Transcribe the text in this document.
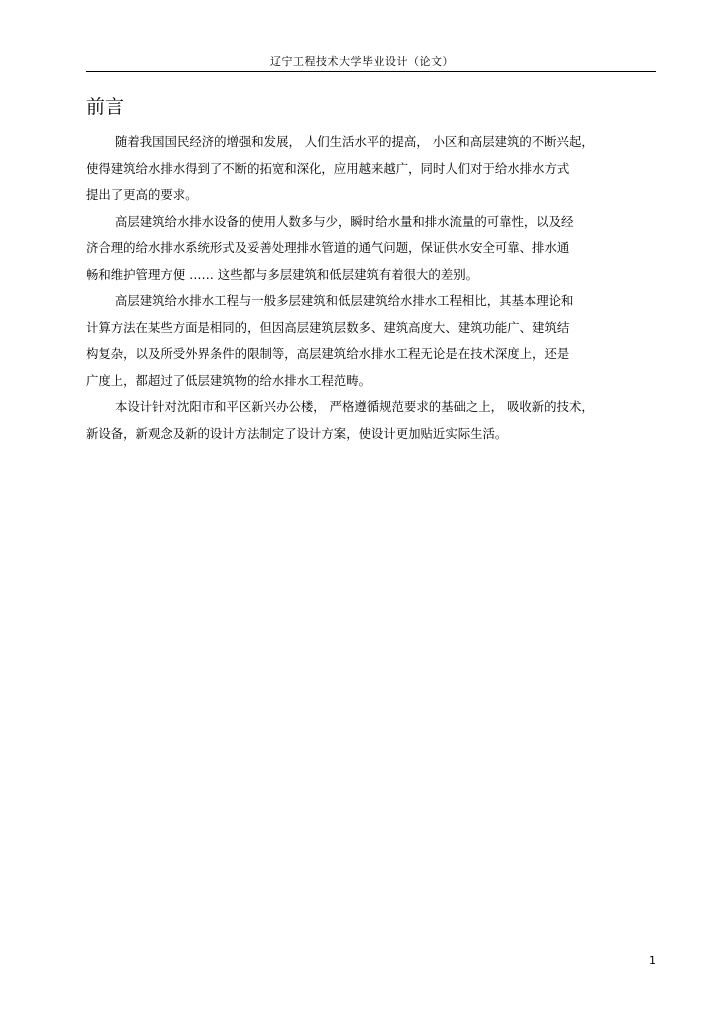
辽宁工程技术大学毕业设计（论文）
前言
随着我国国民经济的增强和发展， 人们生活水平的提高， 小区和高层建筑的不断兴起，
使得建筑给水排水得到了不断的拓宽和深化，应用越来越广，同时人们对于给水排水方式
提出了更高的要求。
高层建筑给水排水设备的使用人数多与少，瞬时给水量和排水流量的可靠性，以及经
济合理的给水排水系统形式及妥善处理排水管道的通气问题，保证供水安全可靠、排水通
畅和维护管理方便 …… 这些都与多层建筑和低层建筑有着很大的差别。
高层建筑给水排水工程与一般多层建筑和低层建筑给水排水工程相比，其基本理论和
计算方法在某些方面是相同的，但因高层建筑层数多、建筑高度大、建筑功能广、建筑结
构复杂，以及所受外界条件的限制等，高层建筑给水排水工程无论是在技术深度上，还是
广度上，都超过了低层建筑物的给水排水工程范畴。
本设计针对沈阳市和平区新兴办公楼， 严格遵循规范要求的基础之上， 吸收新的技术，
新设备，新观念及新的设计方法制定了设计方案，使设计更加贴近实际生活。
1
